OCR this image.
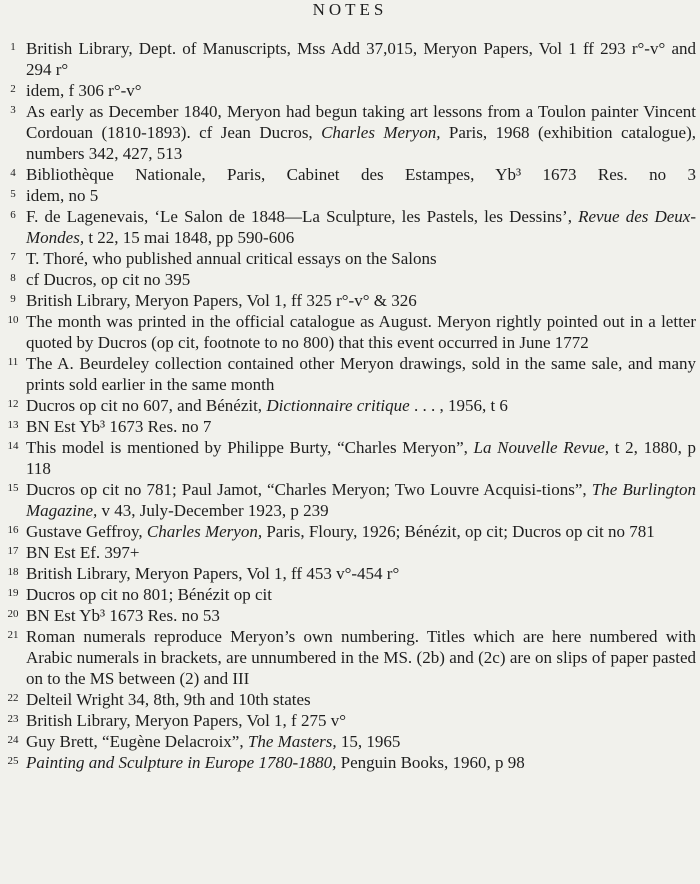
NOTES
1 British Library, Dept. of Manuscripts, Mss Add 37,015, Meryon Papers, Vol 1 ff 293 r°-v° and 294 r°
2 idem, f 306 r°-v°
3 As early as December 1840, Meryon had begun taking art lessons from a Toulon painter Vincent Cordouan (1810-1893). cf Jean Ducros, Charles Meryon, Paris, 1968 (exhibition catalogue), numbers 342, 427, 513
4 Bibliothèque Nationale, Paris, Cabinet des Estampes, Yb³ 1673 Res. no 3
5 idem, no 5
6 F. de Lagenevais, ‘Le Salon de 1848—La Sculpture, les Pastels, les Dessins’, Revue des Deux-Mondes, t 22, 15 mai 1848, pp 590-606
7 T. Thoré, who published annual critical essays on the Salons
8 cf Ducros, op cit no 395
9 British Library, Meryon Papers, Vol 1, ff 325 r°-v° & 326
10 The month was printed in the official catalogue as August. Meryon rightly pointed out in a letter quoted by Ducros (op cit, footnote to no 800) that this event occurred in June 1772
11 The A. Beurdeley collection contained other Meryon drawings, sold in the same sale, and many prints sold earlier in the same month
12 Ducros op cit no 607, and Bénézit, Dictionnaire critique . . . , 1956, t 6
13 BN Est Yb³ 1673 Res. no 7
14 This model is mentioned by Philippe Burty, “Charles Meryon”, La Nouvelle Revue, t 2, 1880, p 118
15 Ducros op cit no 781; Paul Jamot, “Charles Meryon; Two Louvre Acquisi-tions”, The Burlington Magazine, v 43, July-December 1923, p 239
16 Gustave Geffroy, Charles Meryon, Paris, Floury, 1926; Bénézit, op cit; Ducros op cit no 781
17 BN Est Ef. 397+
18 British Library, Meryon Papers, Vol 1, ff 453 v°-454 r°
19 Ducros op cit no 801; Bénézit op cit
20 BN Est Yb³ 1673 Res. no 53
21 Roman numerals reproduce Meryon’s own numbering. Titles which are here numbered with Arabic numerals in brackets, are unnumbered in the MS. (2b) and (2c) are on slips of paper pasted on to the MS between (2) and III
22 Delteil Wright 34, 8th, 9th and 10th states
23 British Library, Meryon Papers, Vol 1, f 275 v°
24 Guy Brett, “Eugène Delacroix”, The Masters, 15, 1965
25 Painting and Sculpture in Europe 1780-1880, Penguin Books, 1960, p 98
